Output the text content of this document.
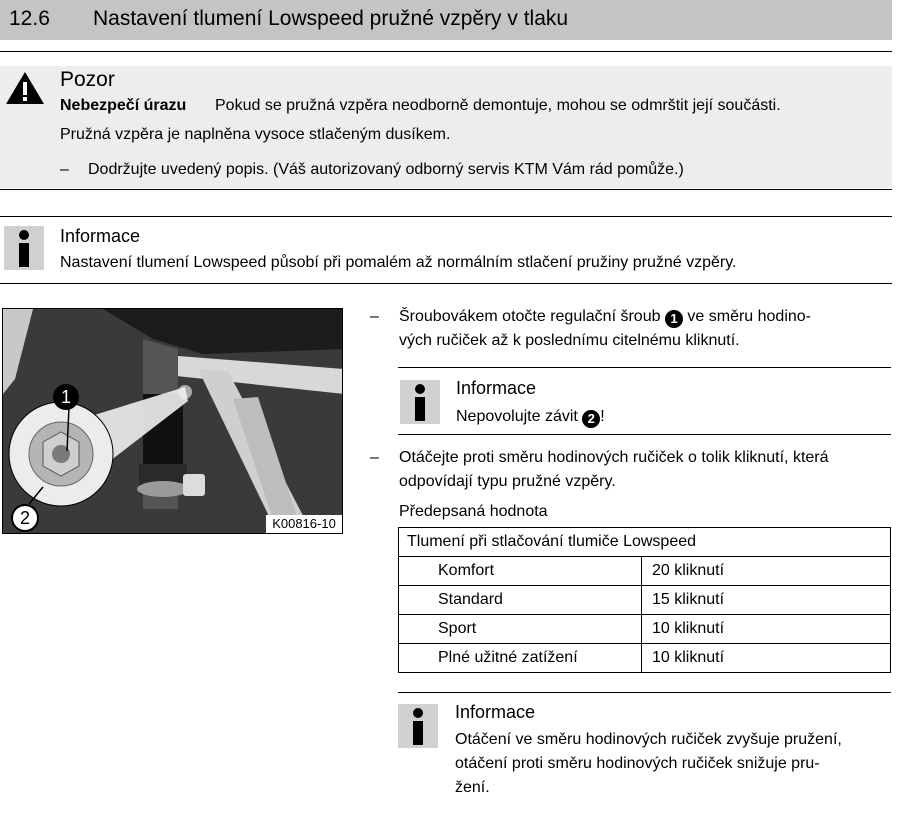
12.6 Nastavení tlumení Lowspeed pružné vzpěry v tlaku
Pozor
Nebezpečí úrazu Pokud se pružná vzpěra neodborně demontuje, mohou se odmrštit její součásti.
Pružná vzpěra je naplněna vysoce stlačeným dusíkem.
– Dodržujte uvedený popis. (Váš autorizovaný odborný servis KTM Vám rád pomůže.)
Informace
Nastavení tlumení Lowspeed působí při pomalém až normálním stlačení pružiny pružné vzpěry.
1
2	K00816-10
– Šroubovákem otočte regulační šroub 1 ve směru hodino-
vých ručiček až k poslednímu citelnému kliknutí.
Informace
Nepovolujte závit 2 !
– Otáčejte proti směru hodinových ručiček o tolik kliknutí, která
odpovídají typu pružné vzpěry.
Předepsaná hodnota
Tlumení při stlačování tlumiče Lowspeed	
Komfort	20 kliknutí
Standard	15 kliknutí
Sport	10 kliknutí
Plné užitné zatížení	10 kliknutí
Informace
Otáčení ve směru hodinových ručiček zvyšuje pružení,
otáčení proti směru hodinových ručiček snižuje pru-
žení.
